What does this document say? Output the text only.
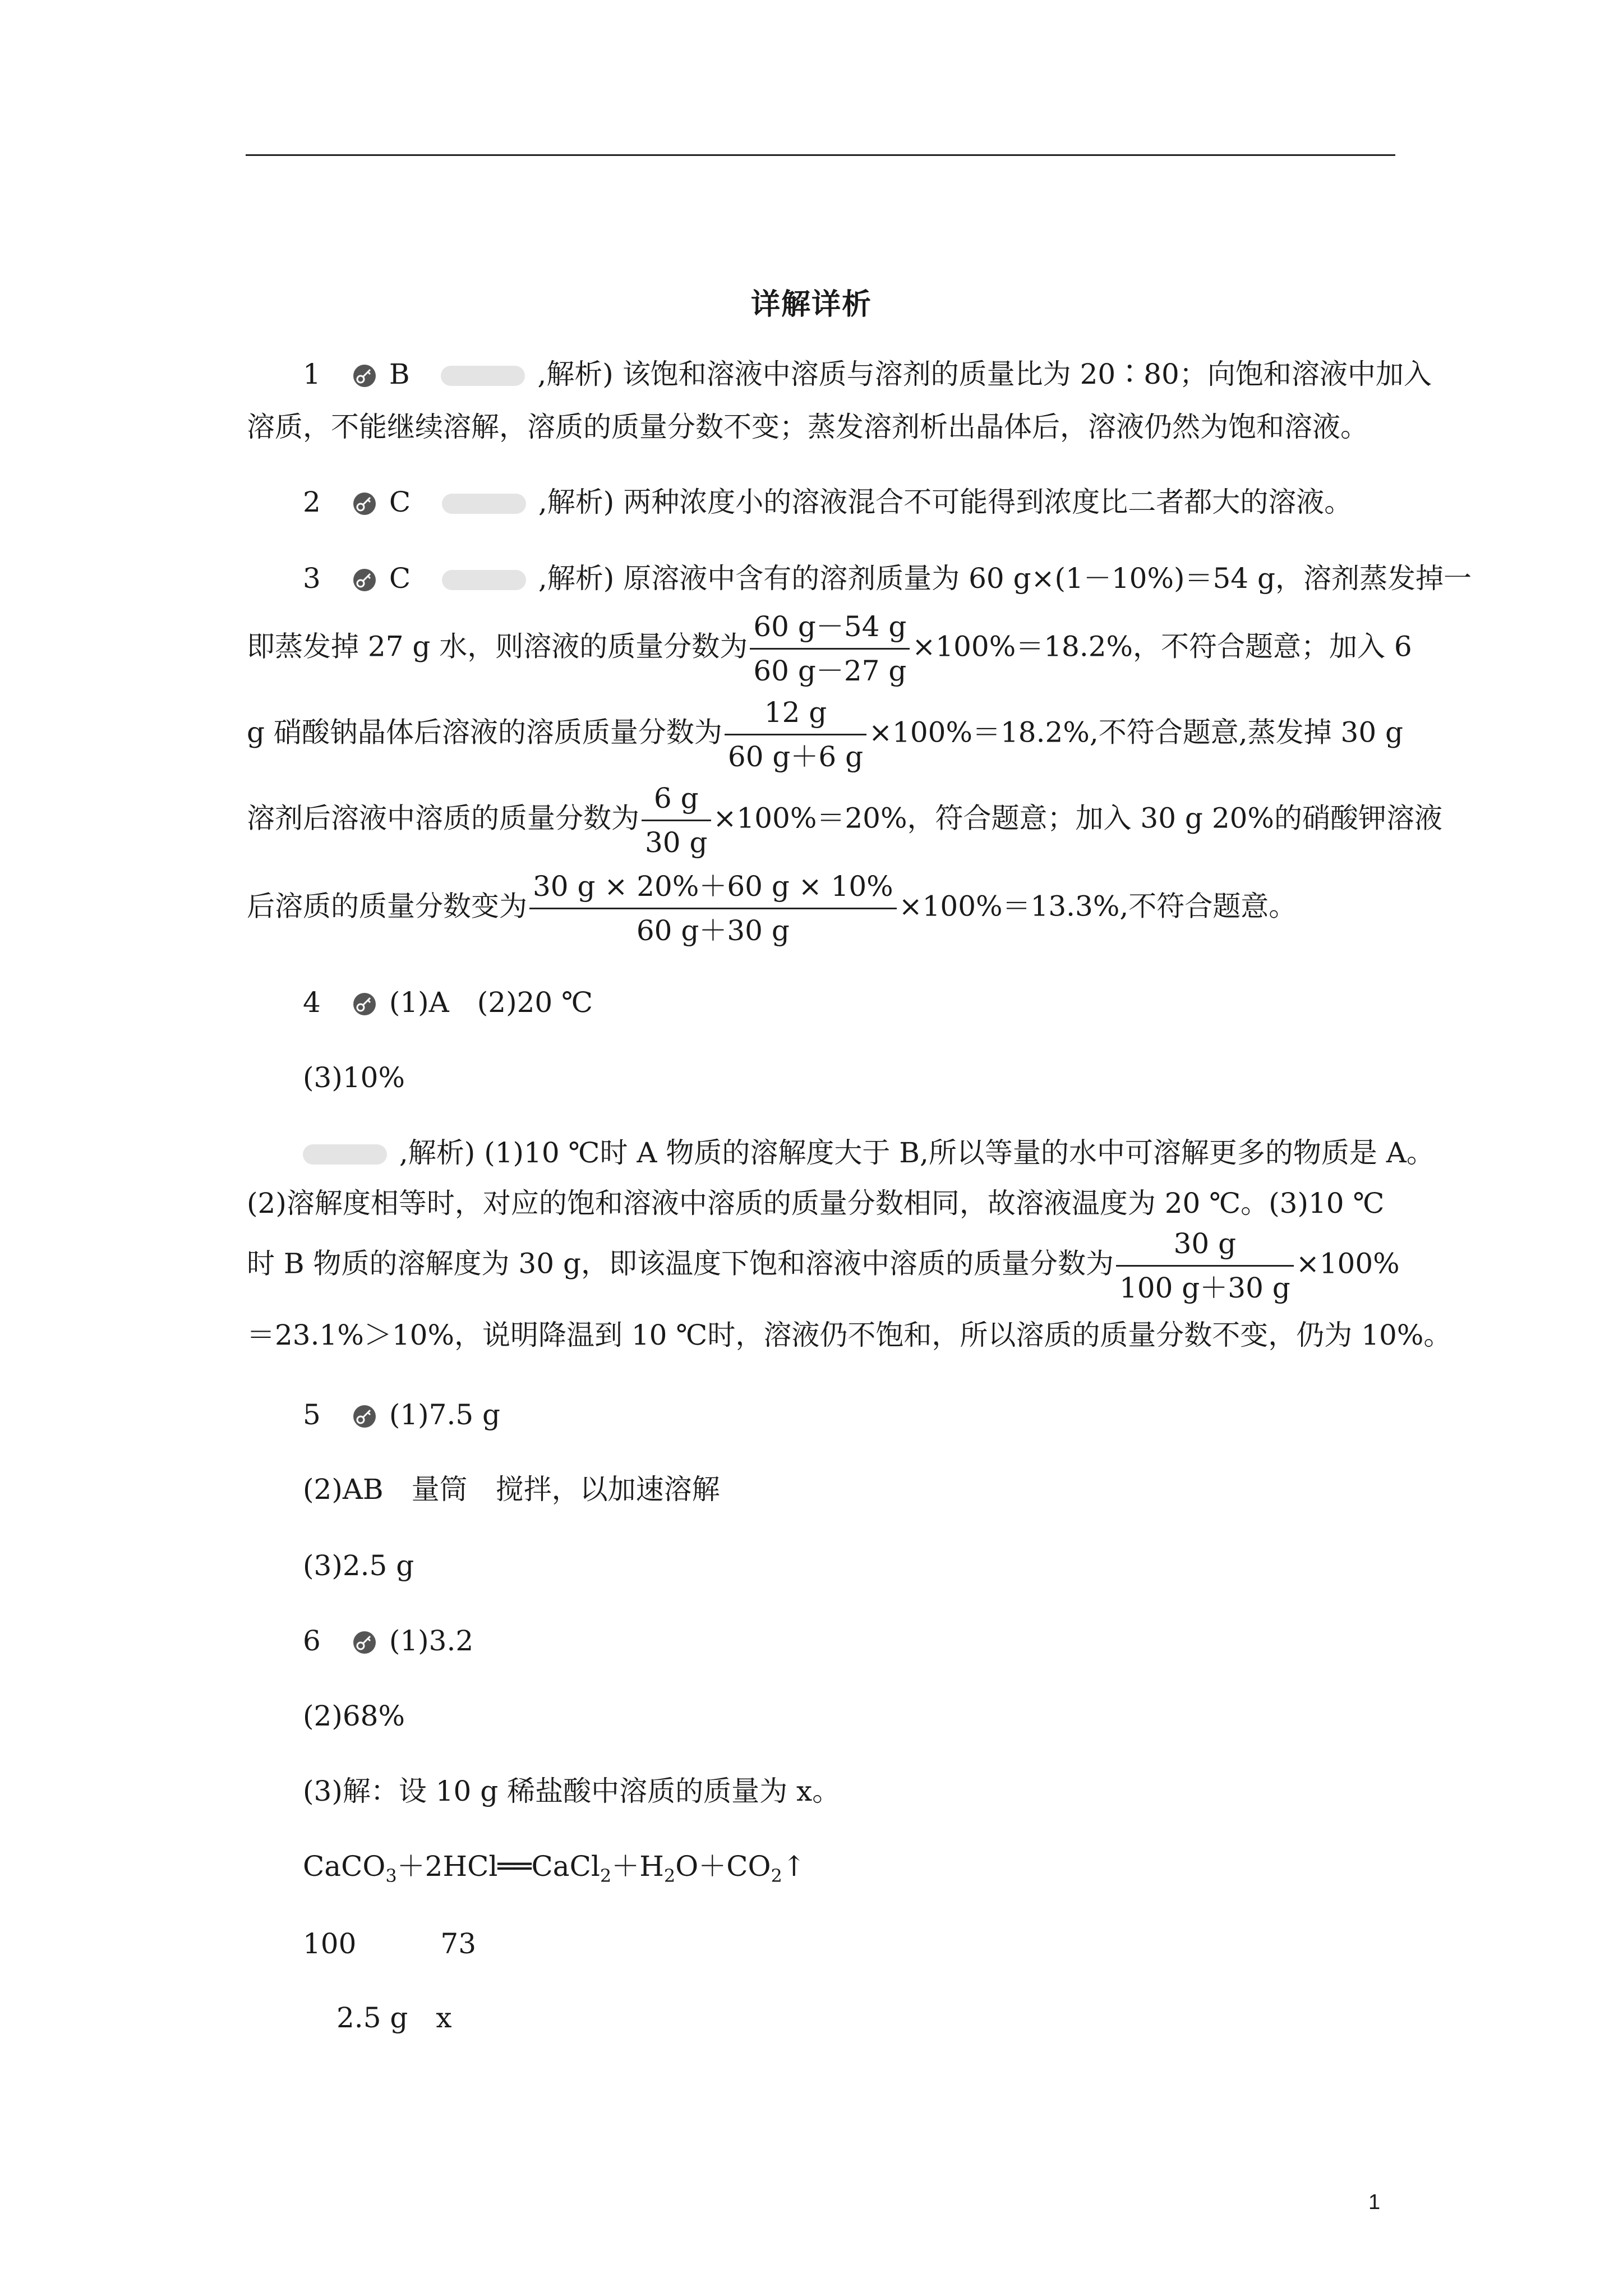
详解详析
1 B	,解析) 该饱和溶液中溶质与溶剂的质量比为 20∶80；向饱和溶液中加入
溶质，不能继续溶解，溶质的质量分数不变；蒸发溶剂析出晶体后，溶液仍然为饱和溶液。
2 C	,解析) 两种浓度小的溶液混合不可能得到浓度比二者都大的溶液。
3 C	,解析) 原溶液中含有的溶剂质量为 60 g×(1－10%)＝54 g，溶剂蒸发掉一
即蒸发掉 27 g 水，则溶液的质量分数为 $\frac{60 g-54 g}{60 g-27 g} \times 100\%=18.2\%$，不符合题意；加入 6
g 硝酸钠晶体后溶液的溶质质量分数为 $\frac{12 g}{60 g+6 g} \times 100\%=18.2\%$,不符合题意,蒸发掉 30 g
溶剂后溶液中溶质的质量分数为 $\frac{6 g}{30 g} \times 100\%=20\%$，符合题意；加入 30 g 20%的硝酸钾溶液
后溶质的质量分数变为 $\frac{30 g \times 20\%+60 g \times 10\%}{60 g+30 g} \times 100\%=13.3\%$,不符合题意。
4 (1)A　(2)20 ℃
(3)10%
,解析) (1)10 ℃时 A 物质的溶解度大于 B,所以等量的水中可溶解更多的物质是 A。
(2)溶解度相等时，对应的饱和溶液中溶质的质量分数相同，故溶液温度为 20 ℃。(3)10 ℃
时 B 物质的溶解度为 30 g，即该温度下饱和溶液中溶质的质量分数为 $\frac{30 g}{100 g+30 g} \times 100\%$
＝23.1%＞10%，说明降温到 10 ℃时，溶液仍不饱和，所以溶质的质量分数不变，仍为 10%。
5 (1)7.5 g
(2)AB　量筒　搅拌，以加速溶解
(3)2.5 g
6 (1)3.2
(2)68%
(3)解：设 10 g 稀盐酸中溶质的质量为 x。
$CaCO_3+2HCl══CaCl_2+H_2O+CO_2↑$
100　　　73
2.5 g　x
1
